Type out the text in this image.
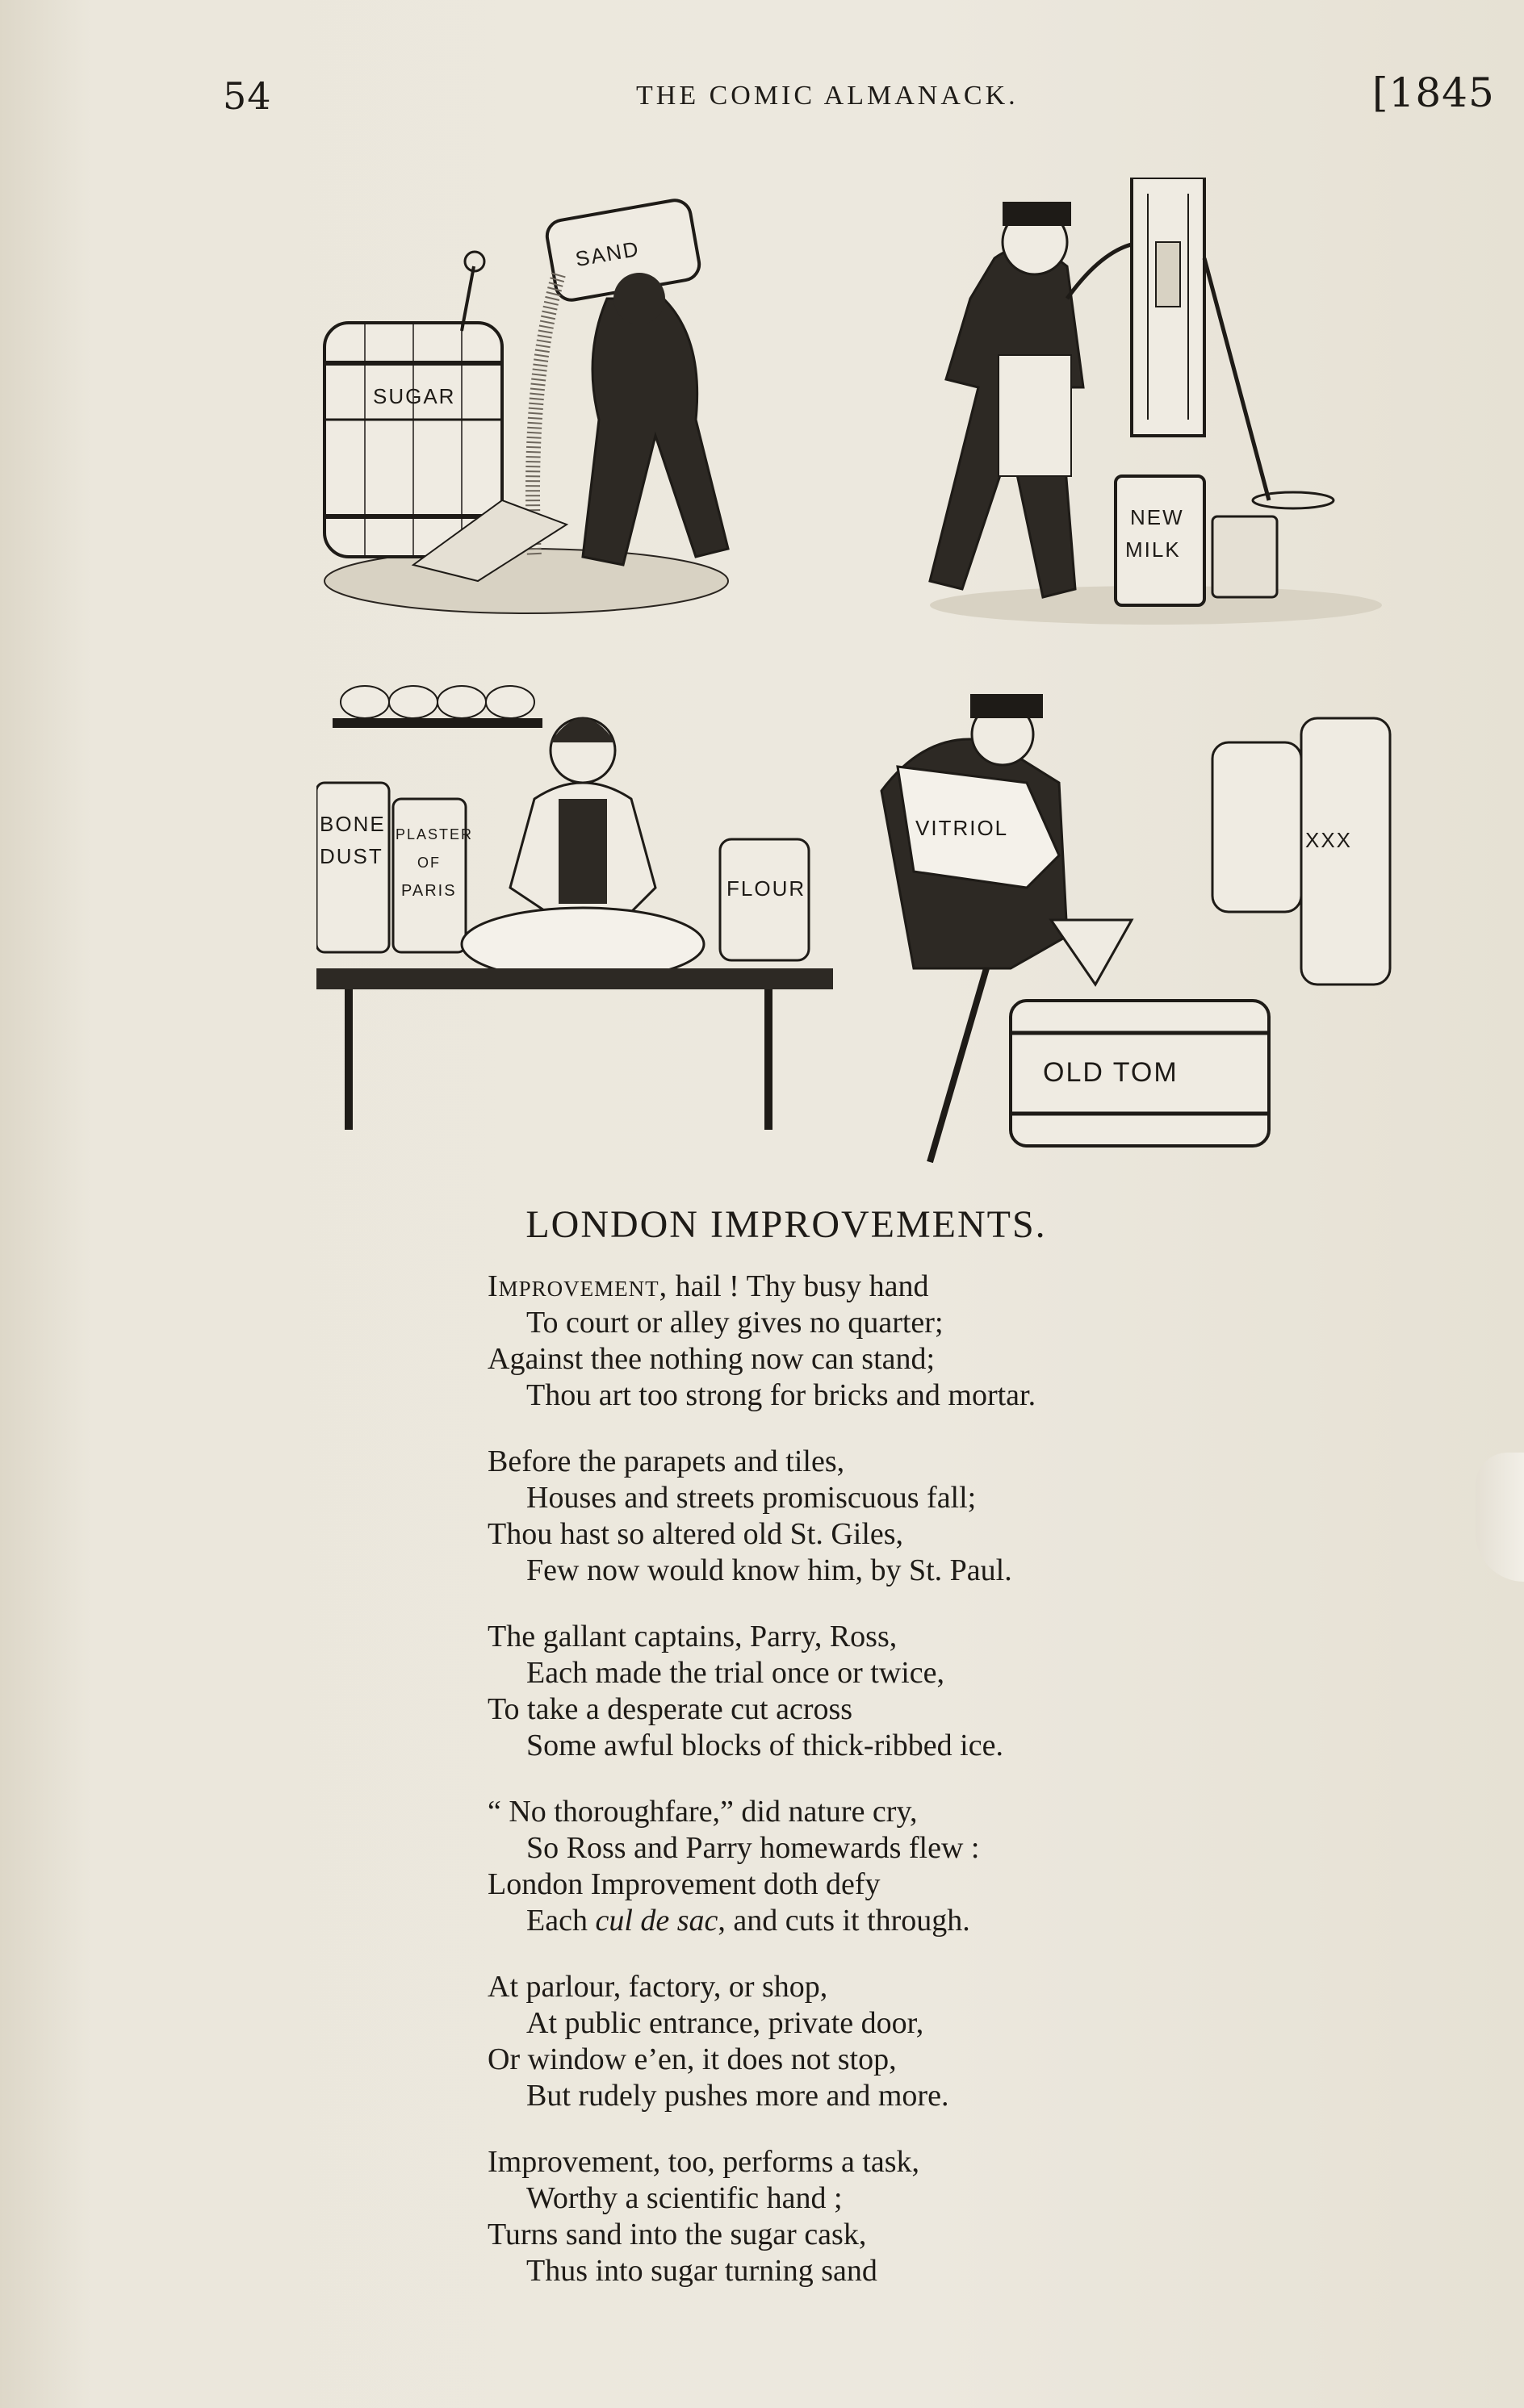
54	THE COMIC ALMANACK.	[1845
SUGAR
SAND
NEW
MILK
BONE
DUST
PLASTER
OF
PARIS	FLOUR
VITRIOL
OLD TOM
XXX
LONDON IMPROVEMENTS.
Improvement, hail ! Thy busy hand
To court or alley gives no quarter;
Against thee nothing now can stand;
Thou art too strong for bricks and mortar.
Before the parapets and tiles,
Houses and streets promiscuous fall;
Thou hast so altered old St. Giles,
Few now would know him, by St. Paul.
The gallant captains, Parry, Ross,
Each made the trial once or twice,
To take a desperate cut across
Some awful blocks of thick-ribbed ice.
“ No thoroughfare,” did nature cry,
So Ross and Parry homewards flew :
London Improvement doth defy
Each cul de sac, and cuts it through.
At parlour, factory, or shop,
At public entrance, private door,
Or window e’en, it does not stop,
But rudely pushes more and more.
Improvement, too, performs a task,
Worthy a scientific hand ;
Turns sand into the sugar cask,
Thus into sugar turning sand
